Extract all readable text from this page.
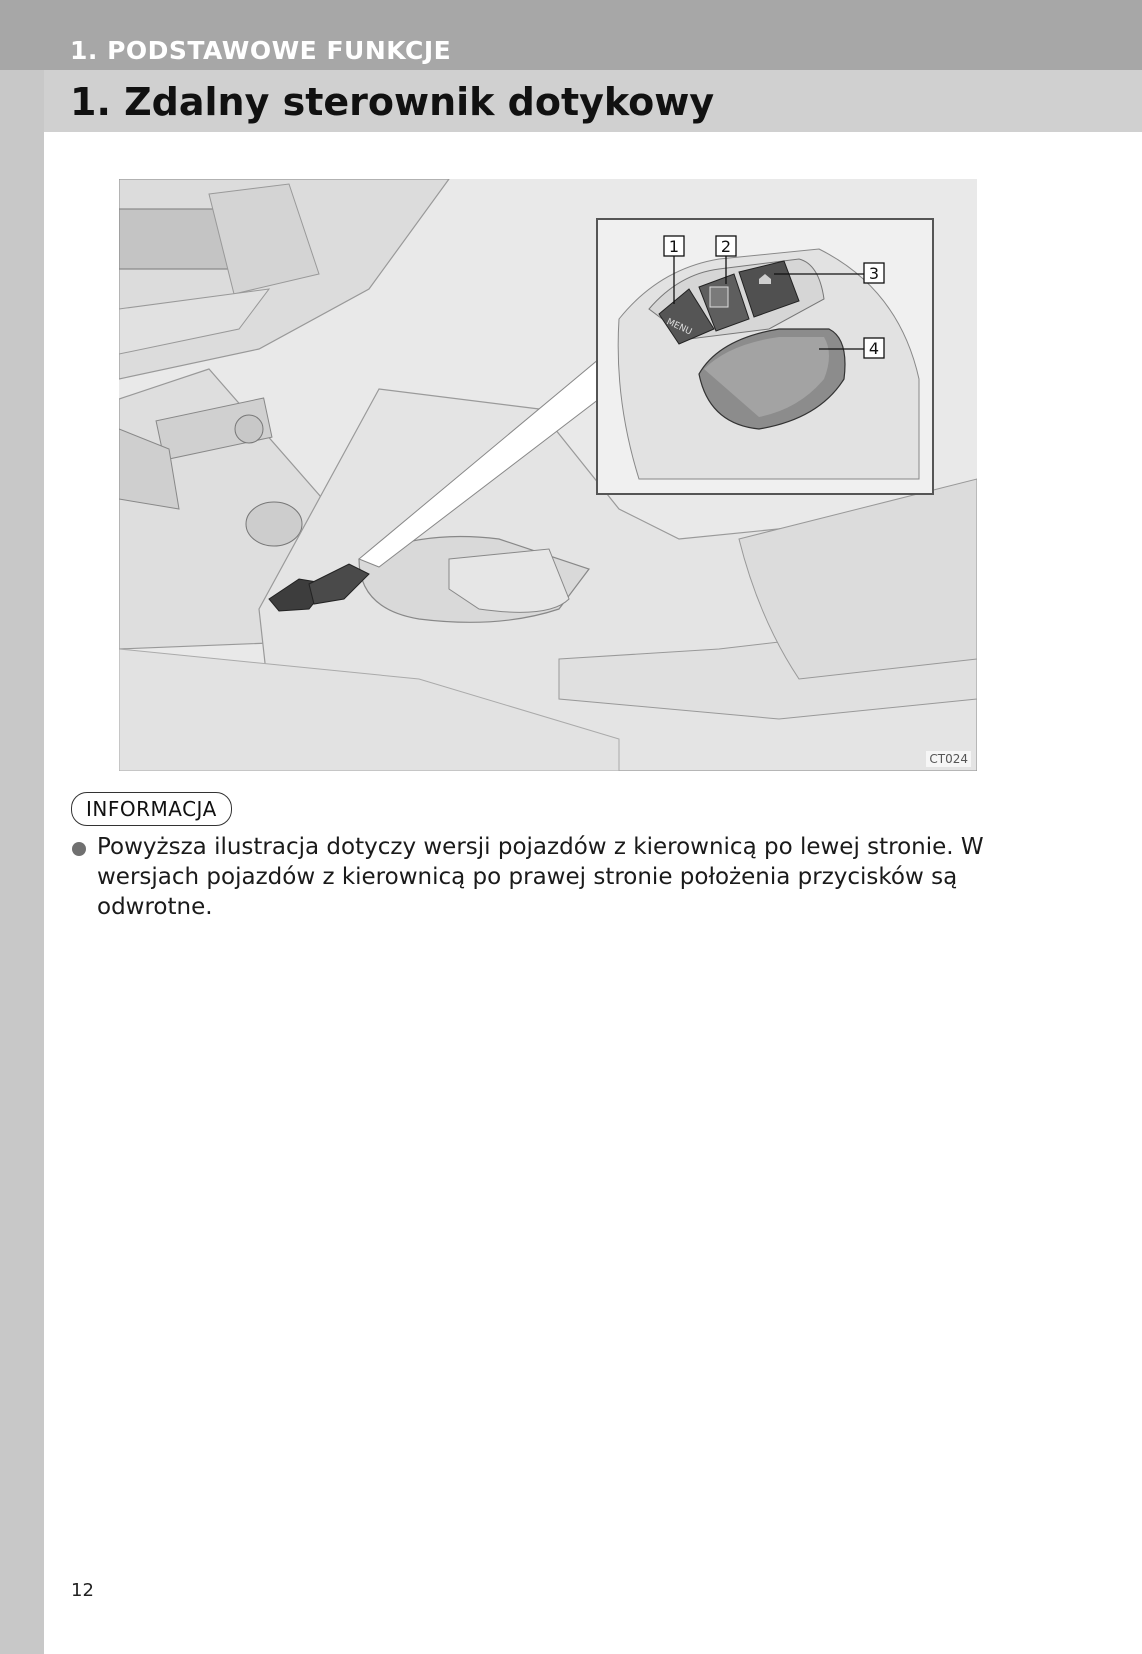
1. PODSTAWOWE FUNKCJE
1. Zdalny sterownik dotykowy
MENU
1	2
3
4
CT024
INFORMACJA
Powyższa ilustracja dotyczy wersji pojazdów z kierownicą po lewej stronie. W wersjach pojazdów z kierownicą po prawej stronie położenia przycisków są odwrotne.
12
